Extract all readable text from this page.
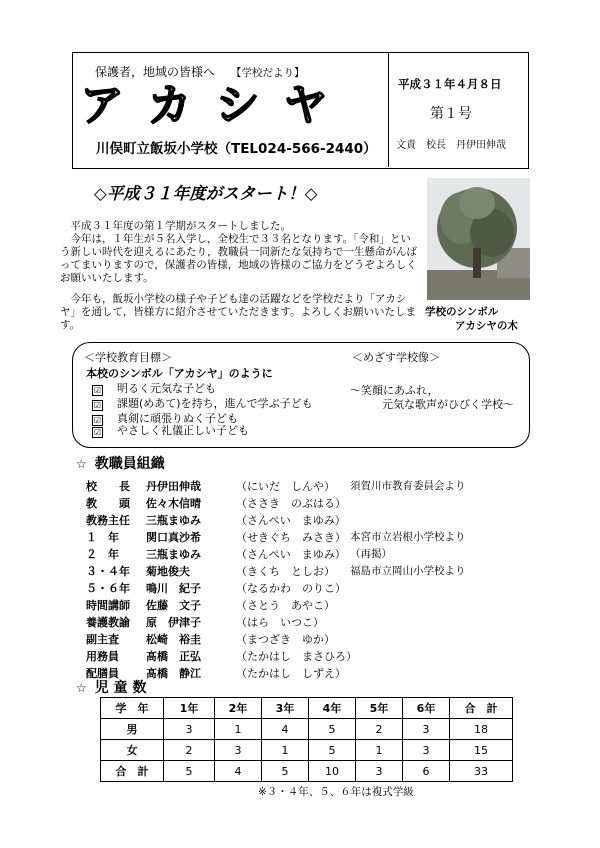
保護者，地域の皆様へ 【学校だより】
アカシヤ
川俣町立飯坂小学校（TEL024-566-2440）
平成３１年４月８日
第１号
文責 校長 丹伊田伸哉
◇平成３１年度がスタート！◇

平成３１年度の第１学期がスタートしました。

今年は，１年生が５名入学し，全校生で３３名となります。「令和」という新しい時代を迎えるにあたり，教職員一同新たな気持ちで一生懸命がんばってまいりますので，保護者の皆様，地域の皆様のご協力をどうぞよろしくお願いいたします。

今年も，飯坂小学校の様子や子ども達の活躍などを学校だより「アカシヤ」を通して，皆様方に紹介させていただきます。よろしくお願いいたします。

学校のシンボル
アカシヤの木
＜学校教育目標＞	＜めざす学校像＞
本校のシンボル「アカシヤ」のように
☑ 明るく元気な子ども
☑ 課題(めあて)を持ち，進んで学ぶ子ども
☑ 真剣に頑張りぬく子ども
☑ やさしく礼儀正しい子ども
～笑顔にあふれ，
元気な歌声がひびく学校～
☆ 教職員組織
校　　長	丹伊田伸哉	（にいだ　しんや） 須賀川市教育委員会より
教　　頭	佐々木信晴	（ささき　のぶはる）
教務主任	三瓶まゆみ	（さんぺい　まゆみ）
１　年	関口真沙希	（せきぐち　みさき） 本宮市立岩根小学校より
２　年	三瓶まゆみ	（さんぺい　まゆみ） （再掲）
３・４年	菊地俊夫	（きくち　としお） 福島市立岡山小学校より
５・６年	鳴川　紀子	（なるかわ　のりこ）
時間講師	佐藤　文子	（さとう　あやこ）
養護教諭	原　伊津子	（はら　いつこ）
副主査	松崎　裕圭	（まつざき　ゆか）
用務員	髙橋　正弘	（たかはし　まさひろ）
配膳員	髙橋　静江	（たかはし　しずえ）
☆ 児 童 数
学　年	1年	2年	3年	4年	5年	6年	合　計
男	3	1	4	5	2	3	18
女	2	3	1	5	1	3	15
合　計	5	4	5	10	3	6	33
※３・４年、５、６年は複式学級
